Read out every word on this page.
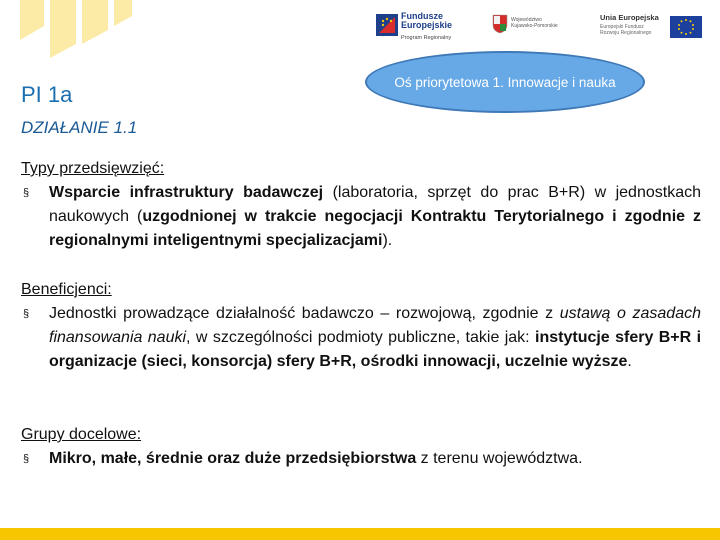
Fundusze
Europejskie
Program Regionalny
Województwo Kujawsko-Pomorskie
Unia Europejska
Europejski Fundusz Rozwoju Regionalnego
Oś priorytetowa 1. Innowacje i nauka
PI 1a
DZIAŁANIE 1.1
Typy przedsięwzięć:
§ Wsparcie infrastruktury badawczej (laboratoria, sprzęt do prac B+R) w jednostkach naukowych (uzgodnionej w trakcie negocjacji Kontraktu Terytorialnego i zgodnie z regionalnymi inteligentnymi specjalizacjami).
Beneficjenci:
§ Jednostki prowadzące działalność badawczo – rozwojową, zgodnie z ustawą o zasadach finansowania nauki, w szczególności podmioty publiczne, takie jak: instytucje sfery B+R i organizacje (sieci, konsorcja) sfery B+R, ośrodki innowacji, uczelnie wyższe.
Grupy docelowe:
§ Mikro, małe, średnie oraz duże przedsiębiorstwa z terenu województwa.
